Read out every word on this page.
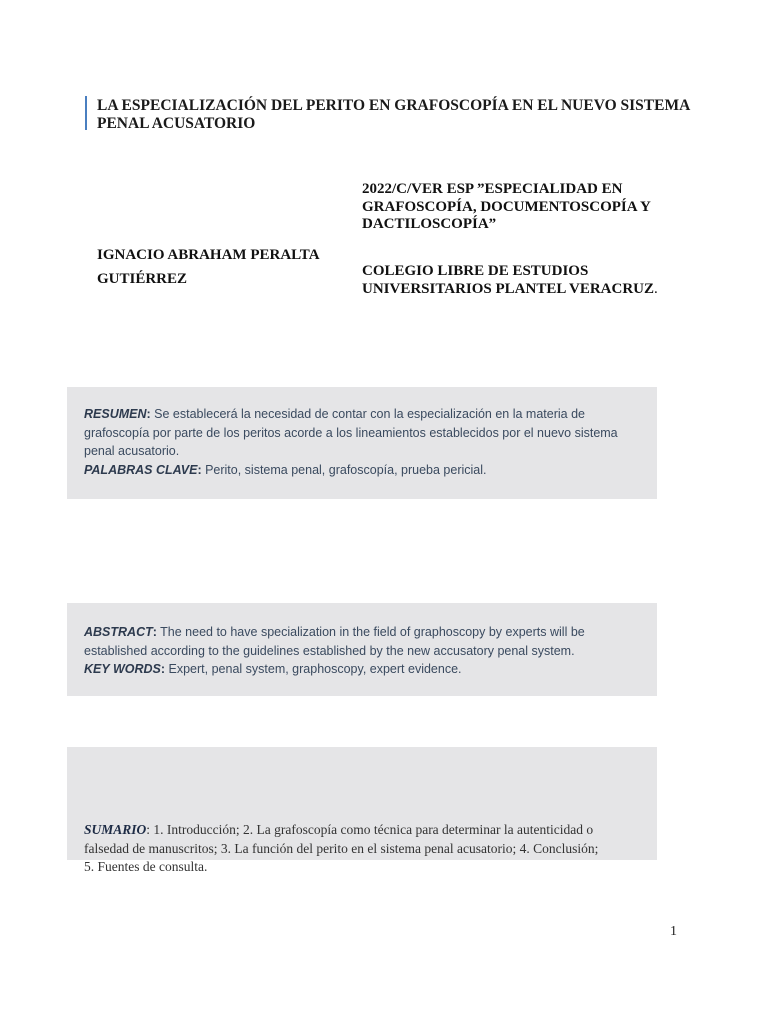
LA ESPECIALIZACIÓN DEL PERITO EN GRAFOSCOPÍA EN EL NUEVO SISTEMA PENAL ACUSATORIO
2022/C/VER ESP ”ESPECIALIDAD EN GRAFOSCOPÍA, DOCUMENTOSCOPÍA Y DACTILOSCOPÍA”
IGNACIO ABRAHAM PERALTA GUTIÉRREZ	COLEGIO LIBRE DE ESTUDIOS UNIVERSITARIOS PLANTEL VERACRUZ.
RESUMEN: Se establecerá la necesidad de contar con la especialización en la materia de grafoscopía por parte de los peritos acorde a los lineamientos establecidos por el nuevo sistema penal acusatorio.
PALABRAS CLAVE: Perito, sistema penal, grafoscopía, prueba pericial.
ABSTRACT: The need to have specialization in the field of graphoscopy by experts will be established according to the guidelines established by the new accusatory penal system.
KEY WORDS: Expert, penal system, graphoscopy, expert evidence.
SUMARIO: 1. Introducción; 2. La grafoscopía como técnica para determinar la autenticidad o falsedad de manuscritos; 3. La función del perito en el sistema penal acusatorio; 4. Conclusión; 5. Fuentes de consulta.
1
